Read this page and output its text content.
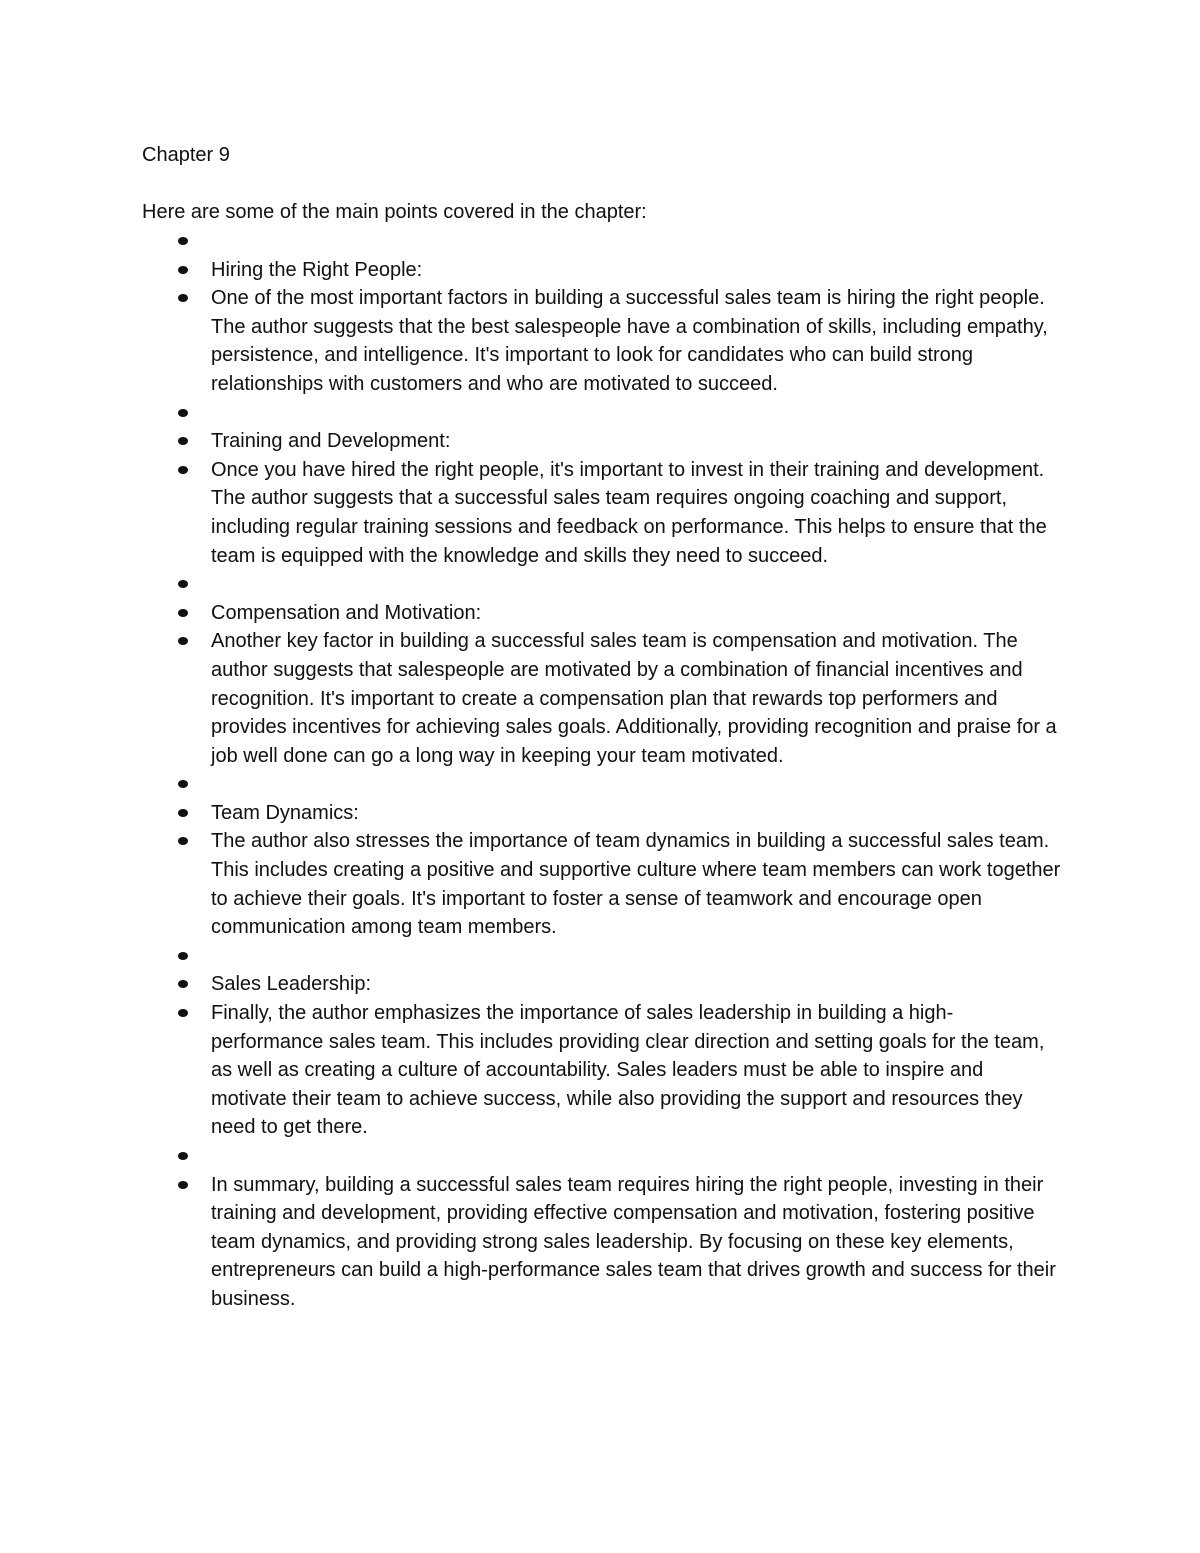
Chapter 9
Here are some of the main points covered in the chapter:
Hiring the Right People:
One of the most important factors in building a successful sales team is hiring the right people. The author suggests that the best salespeople have a combination of skills, including empathy, persistence, and intelligence. It's important to look for candidates who can build strong relationships with customers and who are motivated to succeed.
Training and Development:
Once you have hired the right people, it's important to invest in their training and development. The author suggests that a successful sales team requires ongoing coaching and support, including regular training sessions and feedback on performance. This helps to ensure that the team is equipped with the knowledge and skills they need to succeed.
Compensation and Motivation:
Another key factor in building a successful sales team is compensation and motivation. The author suggests that salespeople are motivated by a combination of financial incentives and recognition. It's important to create a compensation plan that rewards top performers and provides incentives for achieving sales goals. Additionally, providing recognition and praise for a job well done can go a long way in keeping your team motivated.
Team Dynamics:
The author also stresses the importance of team dynamics in building a successful sales team. This includes creating a positive and supportive culture where team members can work together to achieve their goals. It's important to foster a sense of teamwork and encourage open communication among team members.
Sales Leadership:
Finally, the author emphasizes the importance of sales leadership in building a high-performance sales team. This includes providing clear direction and setting goals for the team, as well as creating a culture of accountability. Sales leaders must be able to inspire and motivate their team to achieve success, while also providing the support and resources they need to get there.
In summary, building a successful sales team requires hiring the right people, investing in their training and development, providing effective compensation and motivation, fostering positive team dynamics, and providing strong sales leadership. By focusing on these key elements, entrepreneurs can build a high-performance sales team that drives growth and success for their business.
